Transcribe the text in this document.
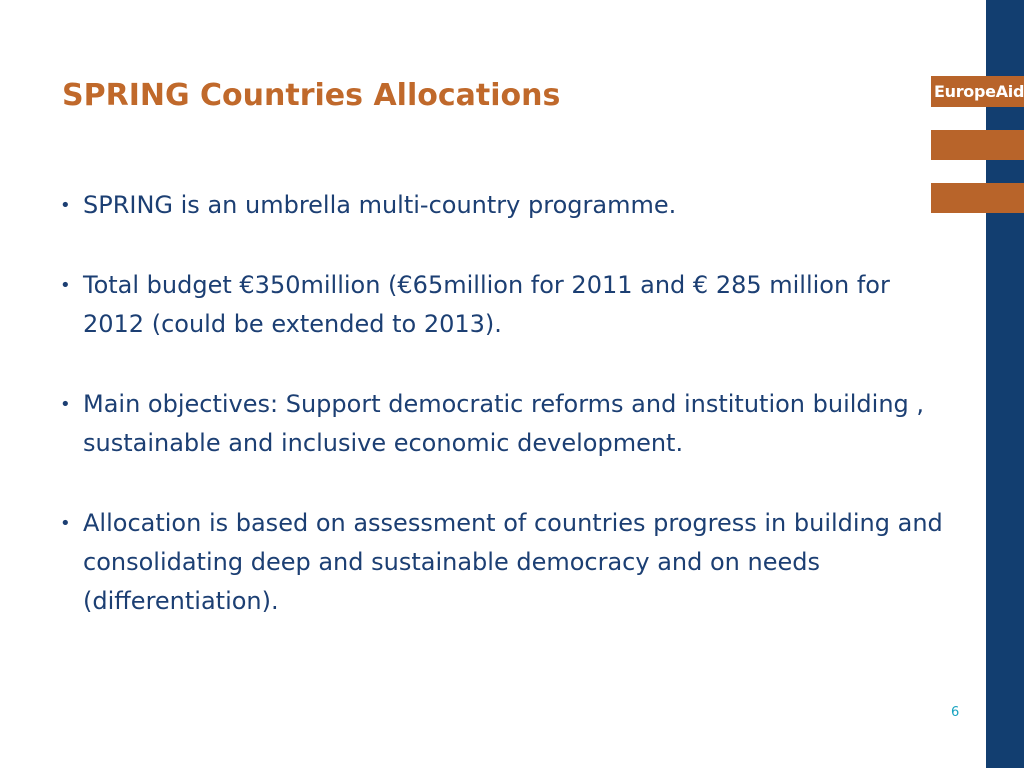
EuropeAid
SPRING Countries Allocations
• SPRING is an umbrella multi-country programme.
• Total budget €350million (€65million for 2011 and € 285 million for 2012 (could be extended to 2013).
• Main objectives: Support democratic reforms and institution building , sustainable and inclusive economic development.
• Allocation is based on assessment of countries progress in building and consolidating deep and sustainable democracy and on needs (differentiation).
6
